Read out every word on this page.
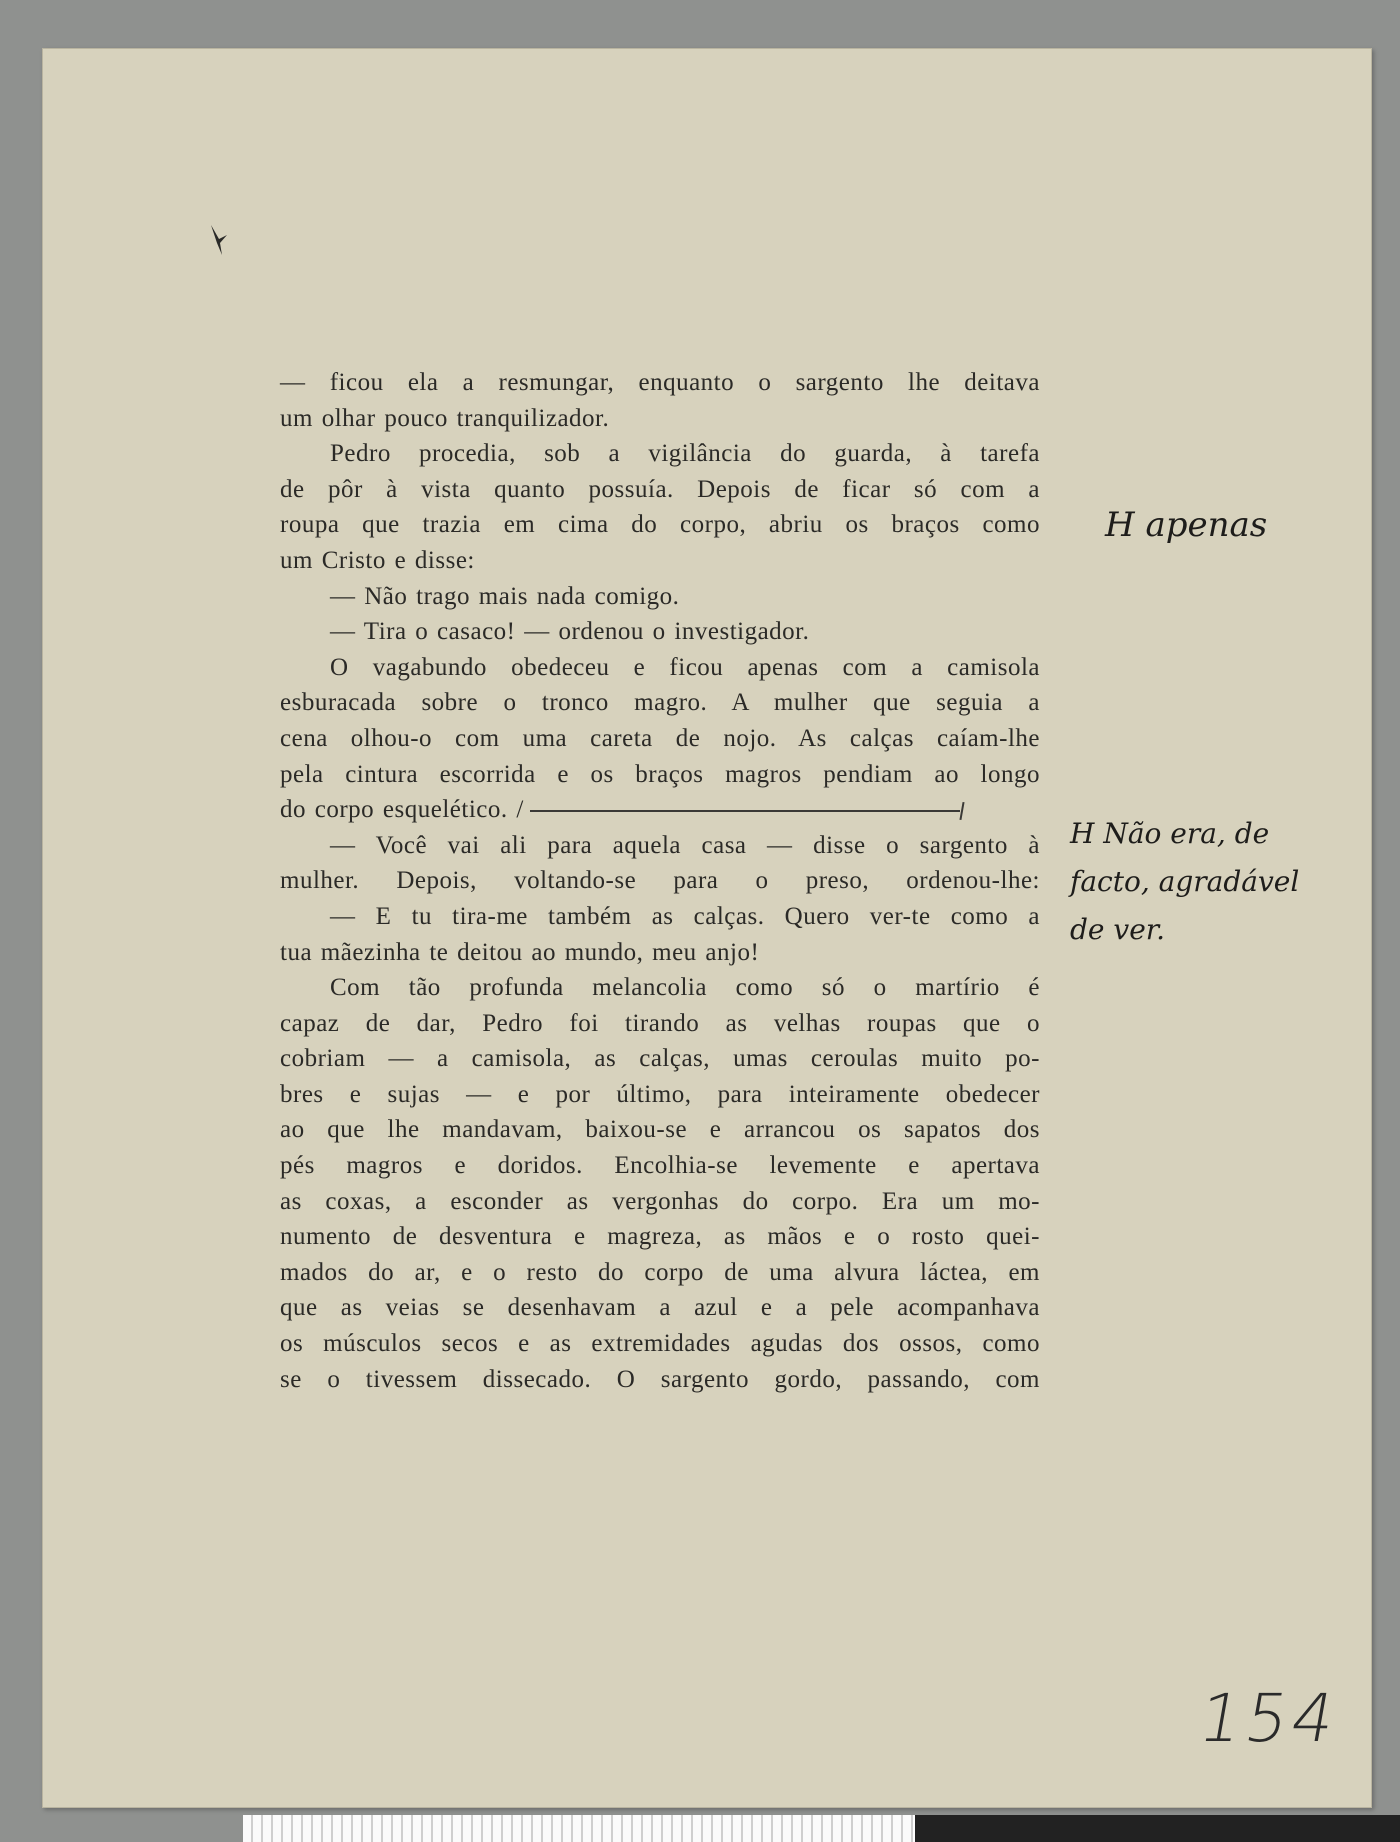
— ficou ela a resmungar, enquanto o sargento lhe deitava
um olhar pouco tranquilizador.
Pedro procedia, sob a vigilância do guarda, à tarefa
de pôr à vista quanto possuía. Depois de ficar só com a
roupa que trazia em cima do corpo, abriu os braços como
um Cristo e disse:
— Não trago mais nada comigo.
— Tira o casaco! — ordenou o investigador.
O vagabundo obedeceu e ficou apenas com a camisola
esburacada sobre o tronco magro. A mulher que seguia a
cena olhou-o com uma careta de nojo. As calças caíam-lhe
pela cintura escorrida e os braços magros pendiam ao longo
do corpo esquelético. /
— Você vai ali para aquela casa — disse o sargento à
mulher. Depois, voltando-se para o preso, ordenou-lhe:
— E tu tira-me também as calças. Quero ver-te como a
tua mãezinha te deitou ao mundo, meu anjo!
Com tão profunda melancolia como só o martírio é
capaz de dar, Pedro foi tirando as velhas roupas que o
cobriam — a camisola, as calças, umas ceroulas muito po-
bres e sujas — e por último, para inteiramente obedecer
ao que lhe mandavam, baixou-se e arrancou os sapatos dos
pés magros e doridos. Encolhia-se levemente e apertava
as coxas, a esconder as vergonhas do corpo. Era um mo-
numento de desventura e magreza, as mãos e o rosto quei-
mados do ar, e o resto do corpo de uma alvura láctea, em
que as veias se desenhavam a azul e a pele acompanhava
os músculos secos e as extremidades agudas dos ossos, como
se o tivessem dissecado. O sargento gordo, passando, com
H apenas
H Não era, de
facto, agradável
de ver.
154
